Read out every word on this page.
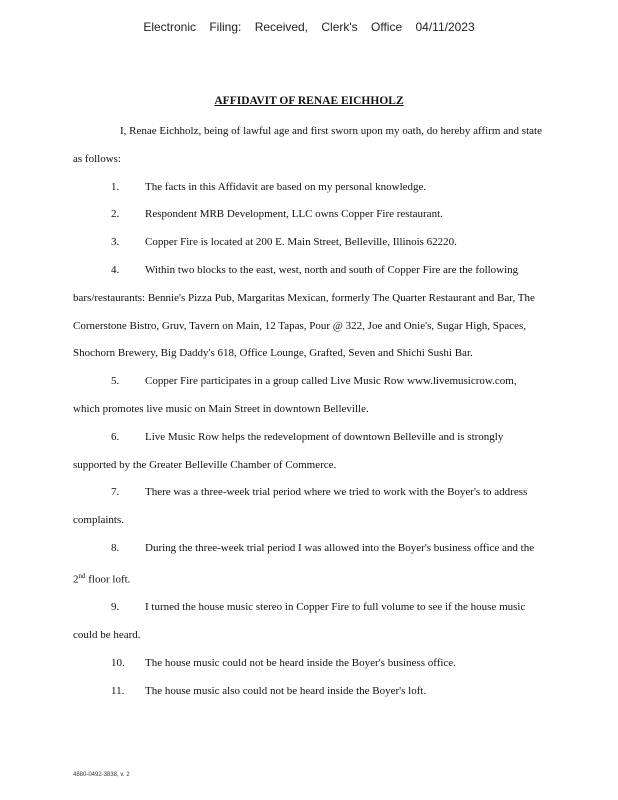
Electronic Filing: Received, Clerk's Office 04/11/2023
AFFIDAVIT OF RENAE EICHHOLZ

I, Renae Eichholz, being of lawful age and first sworn upon my oath, do hereby affirm and state as follows:

1. The facts in this Affidavit are based on my personal knowledge.

2. Respondent MRB Development, LLC owns Copper Fire restaurant.

3. Copper Fire is located at 200 E. Main Street, Belleville, Illinois 62220.

4. Within two blocks to the east, west, north and south of Copper Fire are the following bars/restaurants: Bennie's Pizza Pub, Margaritas Mexican, formerly The Quarter Restaurant and Bar, The Cornerstone Bistro, Gruv, Tavern on Main, 12 Tapas, Pour @ 322, Joe and Onie's, Sugar High, Spaces, Shochorn Brewery, Big Daddy's 618, Office Lounge, Grafted, Seven and Shichi Sushi Bar.

5. Copper Fire participates in a group called Live Music Row www.livemusicrow.com, which promotes live music on Main Street in downtown Belleville.

6. Live Music Row helps the redevelopment of downtown Belleville and is strongly supported by the Greater Belleville Chamber of Commerce.

7. There was a three-week trial period where we tried to work with the Boyer's to address complaints.

8. During the three-week trial period I was allowed into the Boyer's business office and the 2nd floor loft.

9. I turned the house music stereo in Copper Fire to full volume to see if the house music could be heard.

10. The house music could not be heard inside the Boyer's business office.

11. The house music also could not be heard inside the Boyer's loft.

4880-0492-3838, v. 2
